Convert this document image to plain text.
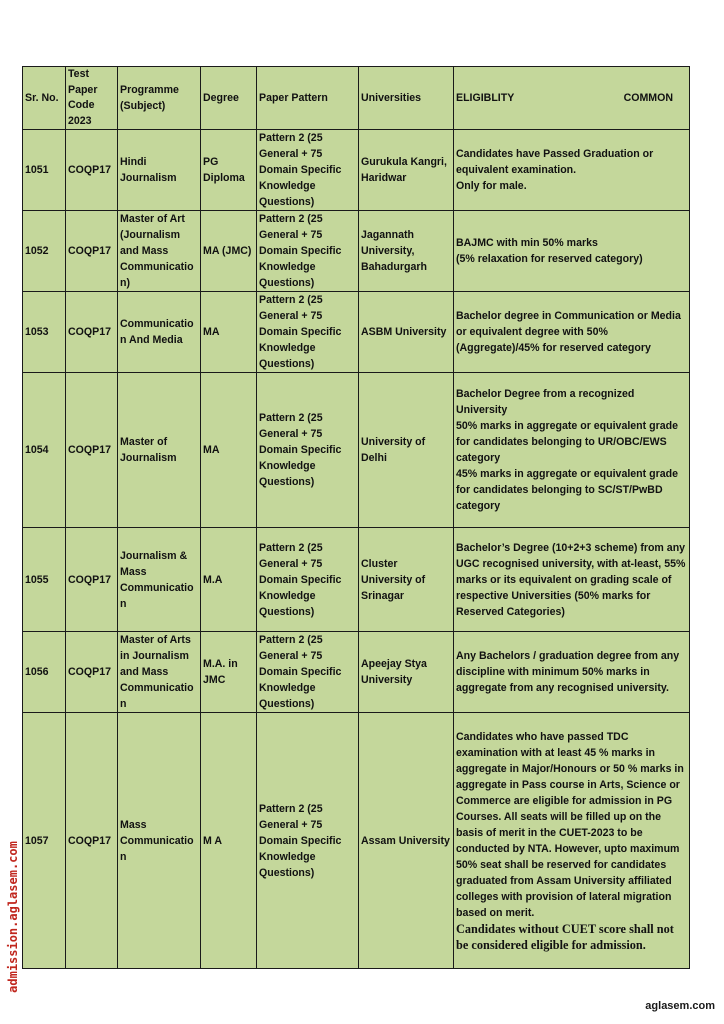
Sr. No.	Test Paper Code 2023	Programme (Subject)	Degree	Paper Pattern	Universities	ELIGIBLITY COMMON

1051	COQP17	Hindi Journalism	PG Diploma	Pattern 2 (25 General + 75 Domain Specific Knowledge Questions)	Gurukula Kangri, Haridwar	Candidates have Passed Graduation or equivalent examination.
Only for male.

1052	COQP17	Master of Art (Journalism and Mass Communication)	MA (JMC)	Pattern 2 (25 General + 75 Domain Specific Knowledge Questions)	Jagannath University, Bahadurgarh	BAJMC with min 50% marks
(5% relaxation for reserved category)

1053	COQP17	Communication And Media	MA	Pattern 2 (25 General + 75 Domain Specific Knowledge Questions)	ASBM University	Bachelor degree in Communication or Media or equivalent degree with 50%(Aggregate)/45% for reserved category

1054	COQP17	Master of Journalism	MA	Pattern 2 (25 General + 75 Domain Specific Knowledge Questions)	University of Delhi	Bachelor Degree from a recognized University
50% marks in aggregate or equivalent grade for candidates belonging to UR/OBC/EWS category
45% marks in aggregate or equivalent grade for candidates belonging to SC/ST/PwBD category

1055	COQP17	Journalism & Mass Communication	M.A	Pattern 2 (25 General + 75 Domain Specific Knowledge Questions)	Cluster University of Srinagar	Bachelor’s Degree (10+2+3 scheme) from any UGC recognised university, with at-least, 55% marks or its equivalent on grading scale of respective Universities (50% marks for Reserved Categories)

1056	COQP17	Master of Arts in Journalism and Mass Communication	M.A. in JMC	Pattern 2 (25 General + 75 Domain Specific Knowledge Questions)	Apeejay Stya University	Any Bachelors / graduation degree from any discipline with minimum 50% marks in aggregate from any recognised university.

1057	COQP17	Mass Communication	M A	Pattern 2 (25 General + 75 Domain Specific Knowledge Questions)	Assam University	Candidates who have passed TDC examination with at least 45 % marks in aggregate in Major/Honours or 50 % marks in aggregate in Pass course in Arts, Science or Commerce are eligible for admission in PG Courses. All seats will be filled up on the basis of merit in the CUET-2023 to be conducted by NTA. However, upto maximum 50% seat shall be reserved for candidates graduated from Assam University affiliated colleges with provision of lateral migration based on merit.
Candidates without CUET score shall not be considered eligible for admission.
admission.aglasem.com
aglasem.com
